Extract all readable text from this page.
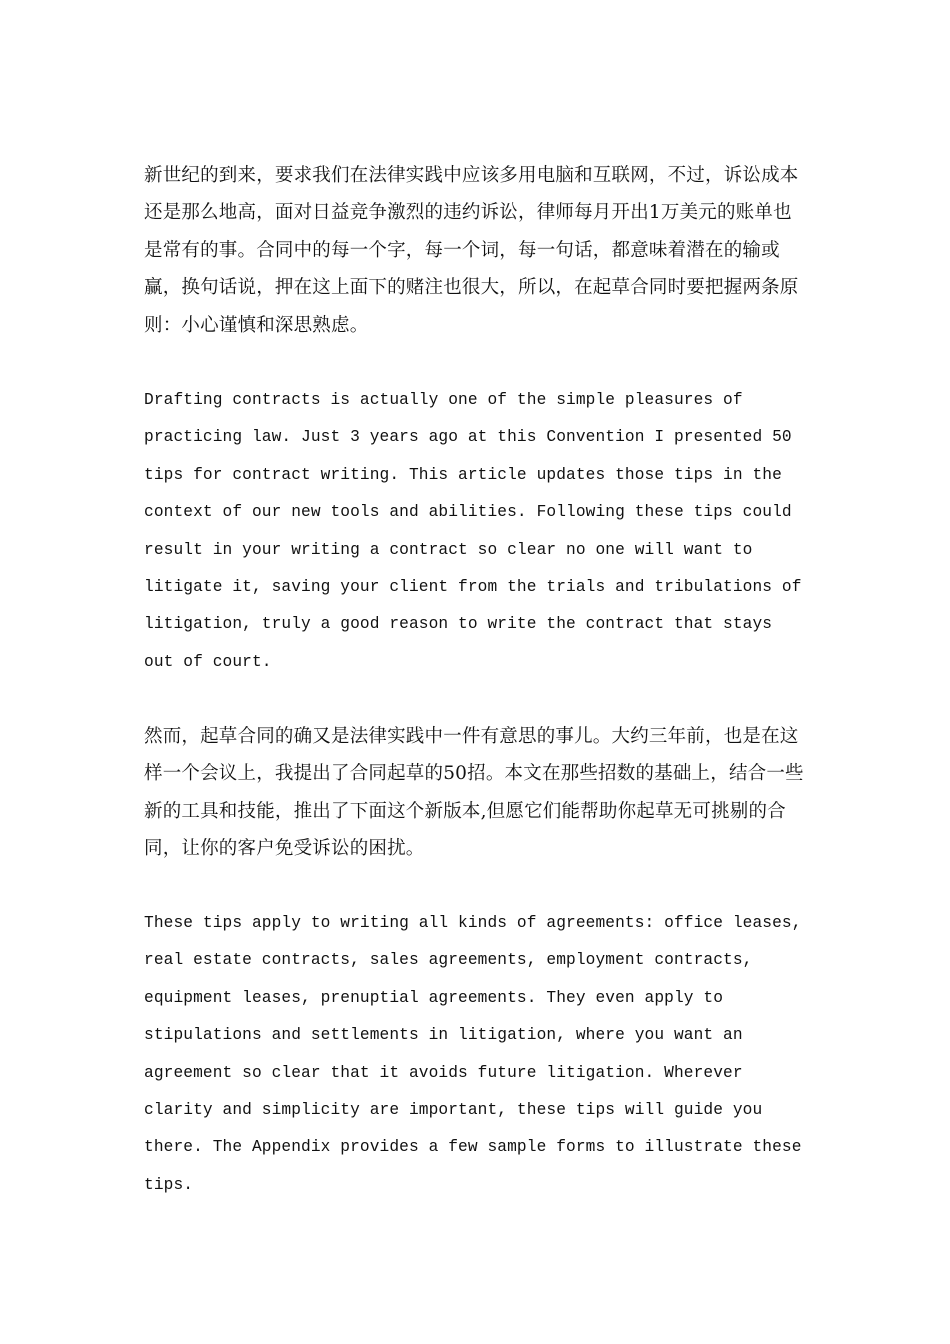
新世纪的到来，要求我们在法律实践中应该多用电脑和互联网，不过，诉讼成本还是那么地高，面对日益竞争激烈的违约诉讼，律师每月开出1万美元的账单也是常有的事。合同中的每一个字，每一个词，每一句话，都意味着潜在的输或赢，换句话说，押在这上面下的赌注也很大，所以，在起草合同时要把握两条原则：小心谨慎和深思熟虑。

Drafting contracts is actually one of the simple pleasures of practicing law. Just 3 years ago at this Convention I presented 50 tips for contract writing. This article updates those tips in the context of our new tools and abilities. Following these tips could result in your writing a contract so clear no one will want to litigate it, saving your client from the trials and tribulations of litigation, truly a good reason to write the contract that stays out of court.

然而，起草合同的确又是法律实践中一件有意思的事儿。大约三年前，也是在这样一个会议上，我提出了合同起草的50招。本文在那些招数的基础上，结合一些新的工具和技能，推出了下面这个新版本,但愿它们能帮助你起草无可挑剔的合同，让你的客户免受诉讼的困扰。

These tips apply to writing all kinds of agreements: office leases, real estate contracts, sales agreements, employment contracts, equipment leases, prenuptial agreements. They even apply to stipulations and settlements in litigation, where you want an agreement so clear that it avoids future litigation. Wherever clarity and simplicity are important, these tips will guide you there. The Appendix provides a few sample forms to illustrate these tips.
